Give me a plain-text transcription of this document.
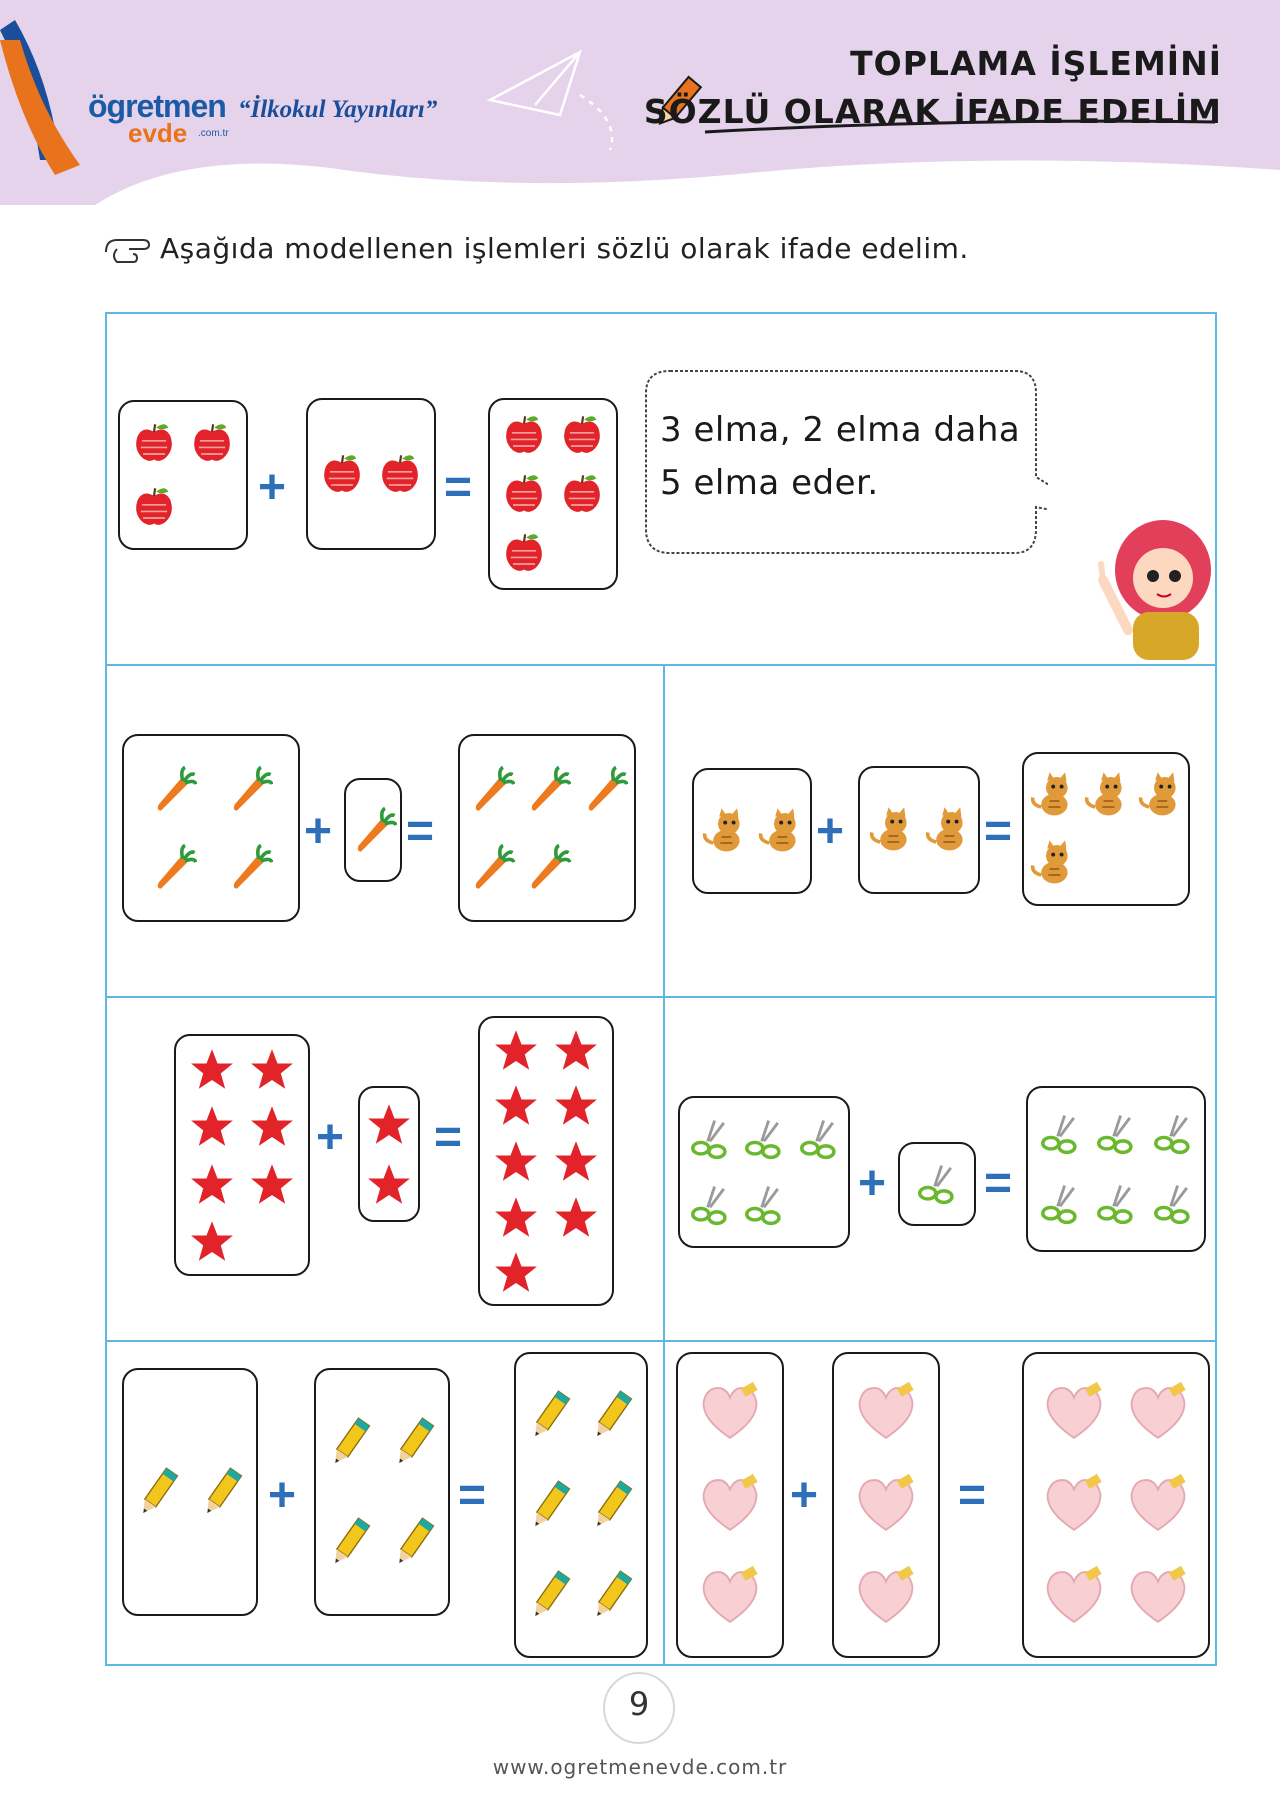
ögretmen
evde .com.tr
“İlkokul Yayınları”
TOPLAMA İŞLEMİNİ
SÖZLÜ OLARAK İFADE EDELİM
Aşağıda modellenen işlemleri sözlü olarak ifade edelim.
3 elma, 2 elma daha
5 elma eder.
+	=
+ =	+	=
+ =
+ =
+	=	+	=
9
www.ogretmenevde.com.tr
